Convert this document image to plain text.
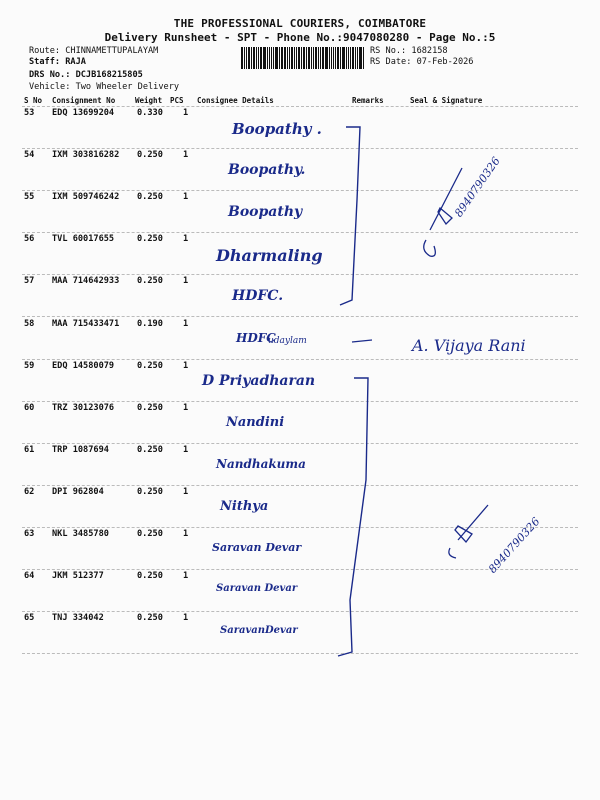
THE PROFESSIONAL COURIERS, COIMBATORE
Delivery Runsheet - SPT - Phone No.:9047080280 - Page No.:5
Route: CHINNAMETTUPALAYAM
Staff: RAJA
DRS No.: DCJB168215805
Vehicle: Two Wheeler Delivery
RS No.: 1682158
RS Date: 07-Feb-2026
S No Consignment No	Weight PCS Consignee Details	Remarks	Seal & Signature
53 EDQ 13699204	0.330 1
Boopathy .
54 IXM 303816282 0.250 1
Boopathy.
55 IXM 509746242 0.250 1
Boopathy
56 TVL 60017655	0.250 1
Dharmaling
57 MAA 714642933 0.250 1
HDFC.
58 MAA 715433471 0.190 1
HDFC
59 EDQ 14580079	0.250 1
D Priyadharan
60 TRZ 30123076	0.250 1
Nandini
61 TRP 1087694	0.250 1
Nandhakuma
62 DPI 962804	0.250 1
Nithya
63 NKL 3485780	0.250 1
Saravan Devar
64 JKM 512377	0.250 1
Saravan Devar
65 TNJ 334042	0.250 1
SaravanDevar
udaylam	A. Vijaya Rani
8940790326
8940790326
